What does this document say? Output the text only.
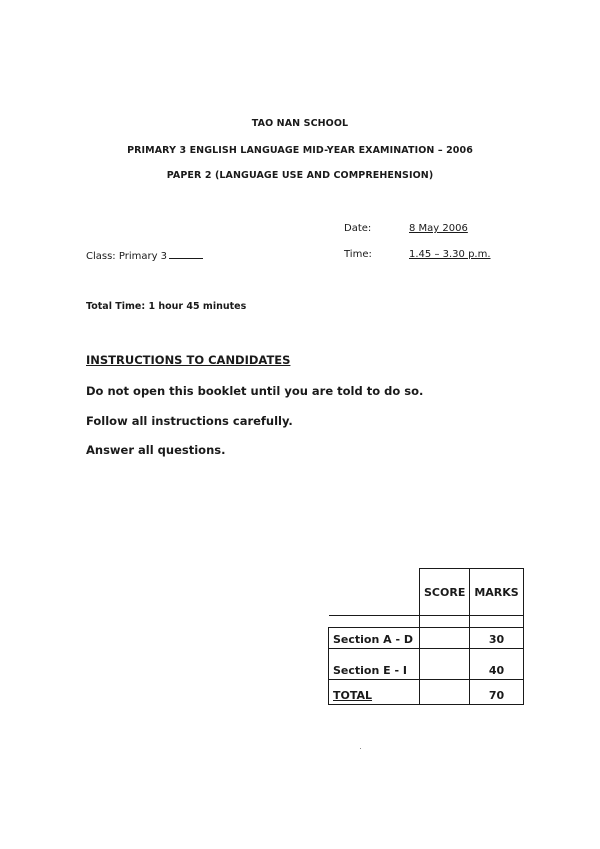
TAO NAN SCHOOL
PRIMARY 3 ENGLISH LANGUAGE MID-YEAR EXAMINATION – 2006
PAPER 2 (LANGUAGE USE AND COMPREHENSION)
Date:	8 May 2006
Class: Primary 3	Time:	1.45 – 3.30 p.m.
Total Time: 1 hour 45 minutes
INSTRUCTIONS TO CANDIDATES
Do not open this booklet until you are told to do so.
Follow all instructions carefully.
Answer all questions.
	SCORE	MARKS

Section A - D		30
Section E - I		40
TOTAL		70
